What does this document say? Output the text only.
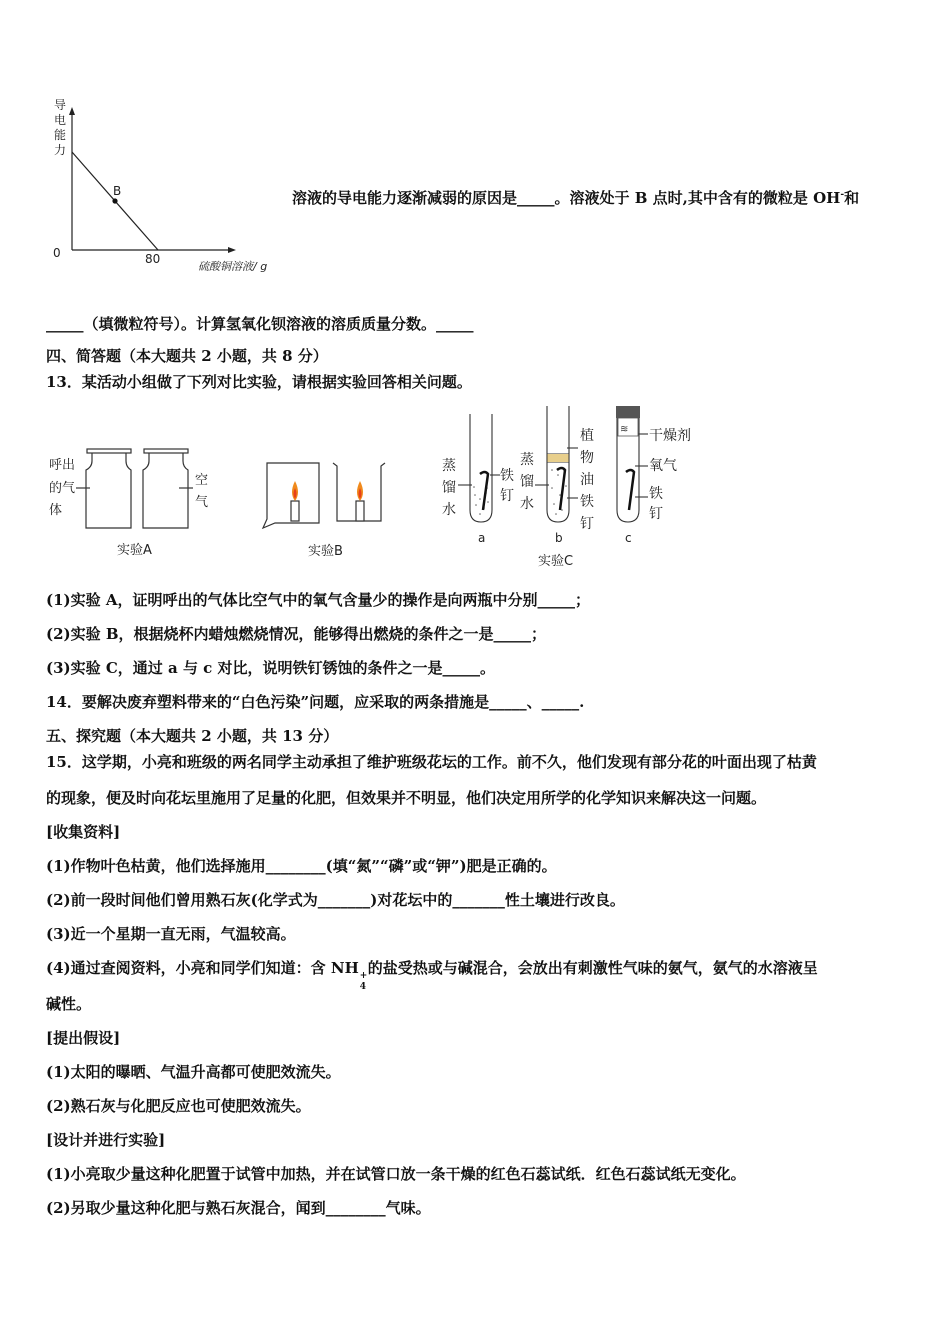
导
电
能
力
0
B
80
硫酸铜溶液/ g
溶液的导电能力逐渐减弱的原因是_____。溶液处于 B 点时,其中含有的微粒是 OH-和
_____（填微粒符号）。计算氢氧化钡溶液的溶质质量分数。_____
四、简答题（本大题共 2 小题，共 8 分）
13．某活动小组做了下列对比实验，请根据实验回答相关问题。
呼出
的气
体
空
气
实验A	实验B
≋
蒸
馏
水
铁
钉
蒸
馏
水
植
物
油
铁
钉
干燥剂
氧气
铁
钉
a	b	c
实验C
(1)实验 A，证明呼出的气体比空气中的氧气含量少的操作是向两瓶中分别_____；
(2)实验 B，根据烧杯内蜡烛燃烧情况，能够得出燃烧的条件之一是_____；
(3)实验 C，通过 a 与 c 对比，说明铁钉锈蚀的条件之一是_____。
14．要解决废弃塑料带来的“白色污染”问题，应采取的两条措施是_____、_____.
五、探究题（本大题共 2 小题，共 13 分）
15．这学期，小亮和班级的两名同学主动承担了维护班级花坛的工作。前不久，他们发现有部分花的叶面出现了枯黄
的现象，便及时向花坛里施用了足量的化肥，但效果并不明显，他们决定用所学的化学知识来解决这一问题。
[收集资料]
(1)作物叶色枯黄，他们选择施用________(填“氮”“磷”或“钾”)肥是正确的。
(2)前一段时间他们曾用熟石灰(化学式为_______)对花坛中的_______性土壤进行改良。
(3)近一个星期一直无雨，气温较高。
(4)通过查阅资料，小亮和同学们知道：含 NH +
4
的盐受热或与碱混合，会放出有刺激性气味的氨气，氨气的水溶液呈
碱性。
[提出假设]
(1)太阳的曝晒、气温升高都可使肥效流失。
(2)熟石灰与化肥反应也可使肥效流失。
[设计并进行实验]
(1)小亮取少量这种化肥置于试管中加热，并在试管口放一条干燥的红色石蕊试纸．红色石蕊试纸无变化。
(2)另取少量这种化肥与熟石灰混合，闻到________气味。
